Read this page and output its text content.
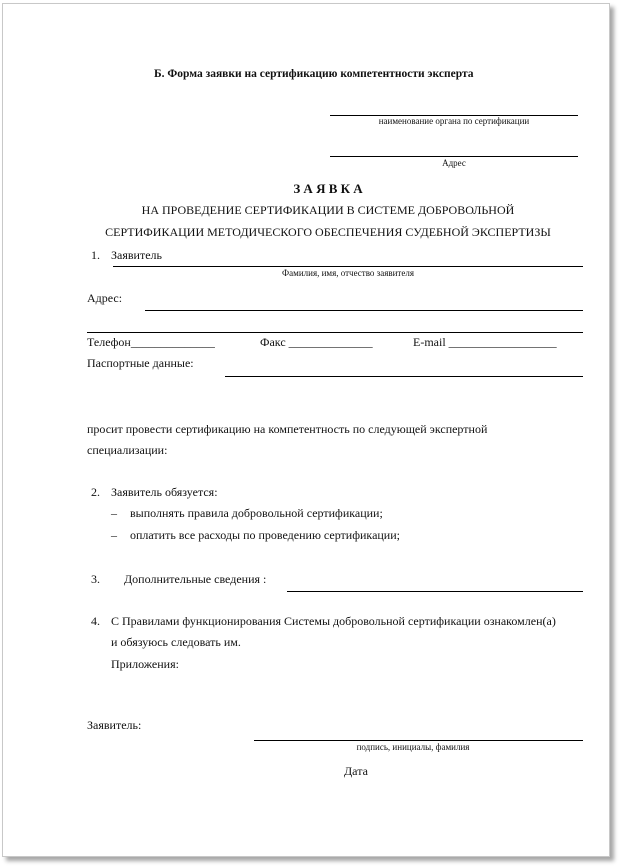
Б. Форма заявки на сертификацию компетентности эксперта
наименование органа по сертификации
Адрес
З А Я В К А
НА ПРОВЕДЕНИЕ СЕРТИФИКАЦИИ В СИСТЕМЕ ДОБРОВОЛЬНОЙ
СЕРТИФИКАЦИИ МЕТОДИЧЕСКОГО ОБЕСПЕЧЕНИЯ СУДЕБНОЙ ЭКСПЕРТИЗЫ
1. Заявитель
Фамилия, имя, отчество заявителя
Адрес:
Телефон______________	Факс ______________	E-mail __________________
Паспортные данные:
просит провести сертификацию на компетентность по следующей экспертной
специализации:
2. Заявитель обязуется:
– выполнять правила добровольной сертификации;
– оплатить все расходы по проведению сертификации;
3. Дополнительные сведения :
4. С Правилами функционирования Системы добровольной сертификации ознакомлен(а)
и обязуюсь следовать им.
Приложения:
Заявитель:
подпись, инициалы, фамилия
Дата
